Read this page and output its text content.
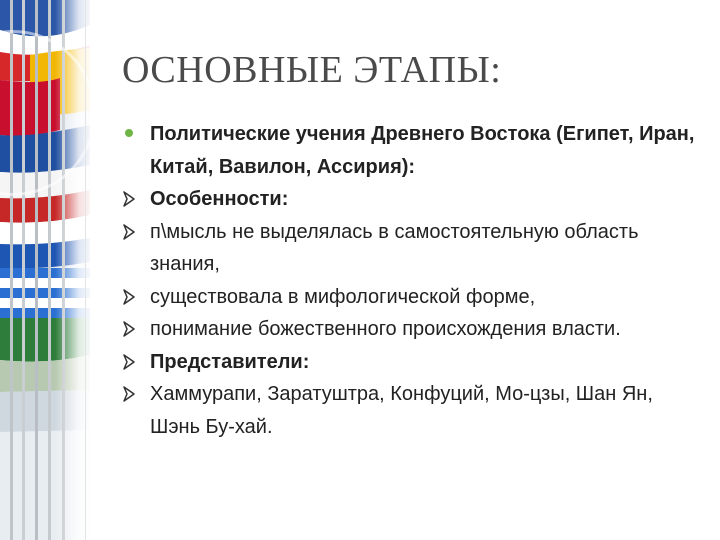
ОСНОВНЫЕ ЭТАПЫ:
Политические учения Древнего Востока (Египет, Иран, Китай, Вавилон, Ассирия):
Особенности:
п\мысль не выделялась в самостоятельную область знания,
существовала в мифологической форме,
понимание божественного происхождения власти.
Представители:
Хаммурапи, Заратуштра, Конфуций, Мо-цзы, Шан Ян, Шэнь Бу-хай.
